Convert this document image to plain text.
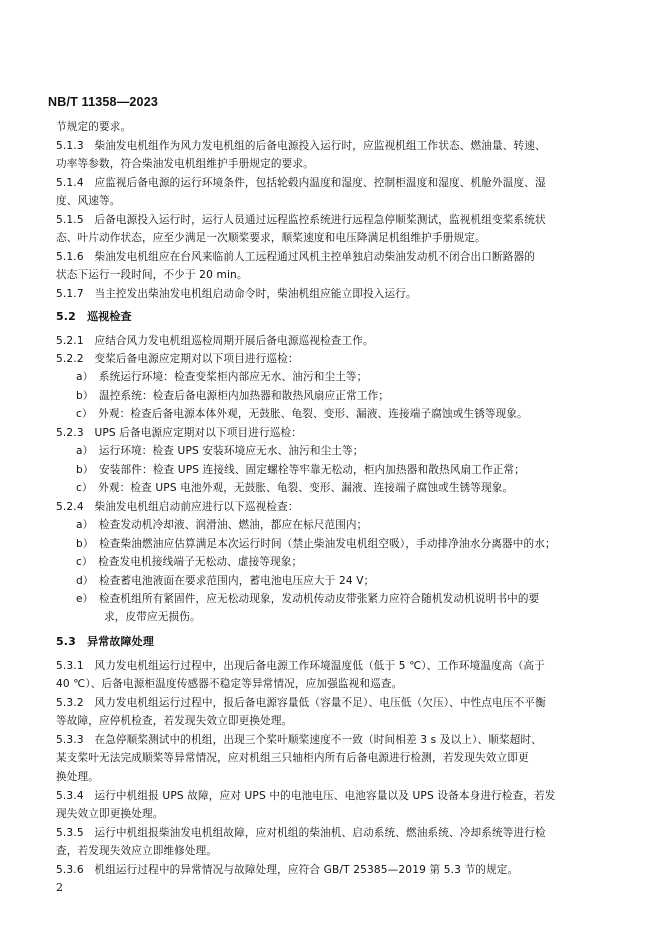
NB/T 11358—2023
节规定的要求。
5.1.3　柴油发电机组作为风力发电机组的后备电源投入运行时，应监视机组工作状态、燃油量、转速、
功率等参数，符合柴油发电机组维护手册规定的要求。
5.1.4　应监视后备电源的运行环境条件，包括轮毂内温度和湿度、控制柜温度和湿度、机舱外温度、湿
度、风速等。
5.1.5　后备电源投入运行时，运行人员通过远程监控系统进行远程急停顺桨测试，监视机组变桨系统状
态、叶片动作状态，应至少满足一次顺桨要求，顺桨速度和电压降满足机组维护手册规定。
5.1.6　柴油发电机组应在台风来临前人工远程通过风机主控单独启动柴油发动机不闭合出口断路器的
状态下运行一段时间，不少于 20 min。
5.1.7　当主控发出柴油发电机组启动命令时，柴油机组应能立即投入运行。
5.2　巡视检查
5.2.1　应结合风力发电机组巡检周期开展后备电源巡视检查工作。
5.2.2　变桨后备电源应定期对以下项目进行巡检：
a）　系统运行环境：检查变桨柜内部应无水、油污和尘土等；
b）　温控系统：检查后备电源柜内加热器和散热风扇应正常工作；
c）　外观：检查后备电源本体外观，无鼓胀、龟裂、变形、漏液、连接端子腐蚀或生锈等现象。
5.2.3　UPS 后备电源应定期对以下项目进行巡检：
a）　运行环境：检查 UPS 安装环境应无水、油污和尘土等；
b）　安装部件：检查 UPS 连接线、固定螺栓等牢靠无松动，柜内加热器和散热风扇工作正常；
c）　外观：检查 UPS 电池外观，无鼓胀、龟裂、变形、漏液、连接端子腐蚀或生锈等现象。
5.2.4　柴油发电机组启动前应进行以下巡视检查：
a）　检查发动机冷却液、润滑油、燃油，都应在标尺范围内；
b）　检查柴油燃油应估算满足本次运行时间（禁止柴油发电机组空吸），手动排净油水分离器中的水；
c）　检查发电机接线端子无松动、虚接等现象；
d）　检查蓄电池液面在要求范围内，蓄电池电压应大于 24 V；
e）　检查机组所有紧固件，应无松动现象，发动机传动皮带张紧力应符合随机发动机说明书中的要
求，皮带应无损伤。
5.3　异常故障处理
5.3.1　风力发电机组运行过程中，出现后备电源工作环境温度低（低于 5 ℃）、工作环境温度高（高于
40 ℃）、后备电源柜温度传感器不稳定等异常情况，应加强监视和巡查。
5.3.2　风力发电机组运行过程中，报后备电源容量低（容量不足）、电压低（欠压）、中性点电压不平衡
等故障，应停机检查，若发现失效立即更换处理。
5.3.3　在急停顺桨测试中的机组，出现三个桨叶顺桨速度不一致（时间相差 3 s 及以上）、顺桨超时、
某支桨叶无法完成顺桨等异常情况，应对机组三只轴柜内所有后备电源进行检测，若发现失效立即更
换处理。
5.3.4　运行中机组报 UPS 故障，应对 UPS 中的电池电压、电池容量以及 UPS 设备本身进行检查，若发
现失效立即更换处理。
5.3.5　运行中机组报柴油发电机组故障，应对机组的柴油机、启动系统、燃油系统、冷却系统等进行检
查，若发现失效应立即维修处理。
5.3.6　机组运行过程中的异常情况与故障处理，应符合 GB/T 25385—2019 第 5.3 节的规定。
2
